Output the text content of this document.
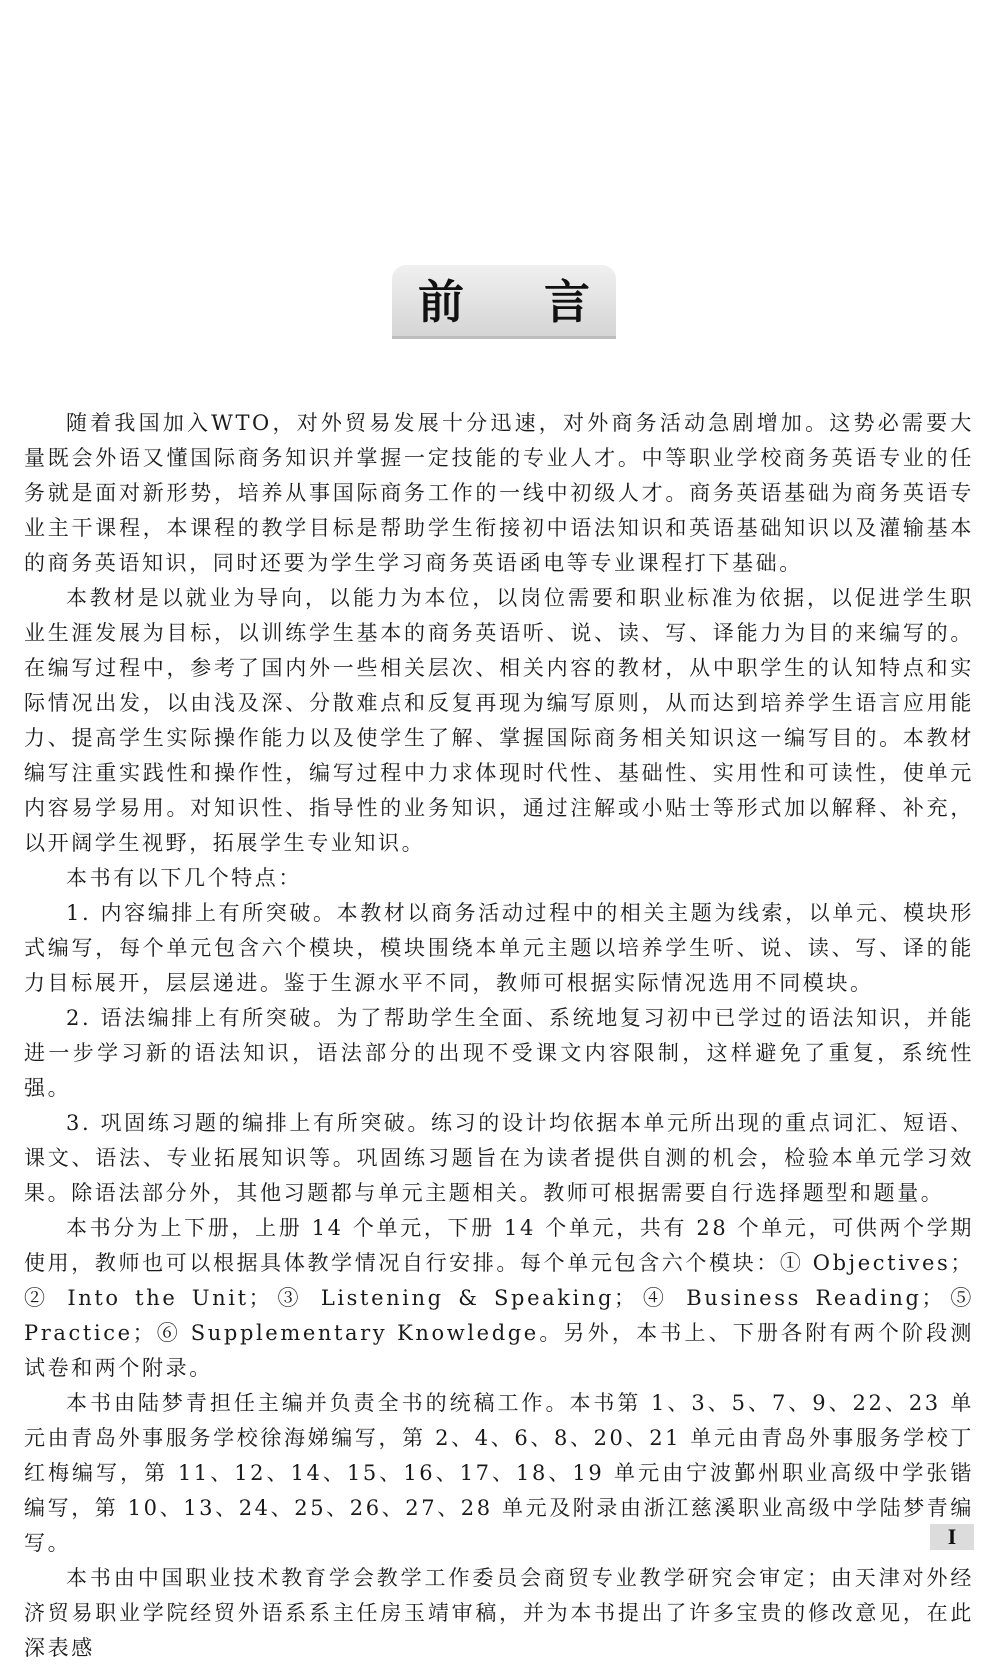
前 言

随着我国加入WTO，对外贸易发展十分迅速，对外商务活动急剧增加。这势必需要大量既会外语又懂国际商务知识并掌握一定技能的专业人才。中等职业学校商务英语专业的任务就是面对新形势，培养从事国际商务工作的一线中初级人才。商务英语基础为商务英语专业主干课程，本课程的教学目标是帮助学生衔接初中语法知识和英语基础知识以及灌输基本的商务英语知识，同时还要为学生学习商务英语函电等专业课程打下基础。

本教材是以就业为导向，以能力为本位，以岗位需要和职业标准为依据，以促进学生职业生涯发展为目标，以训练学生基本的商务英语听、说、读、写、译能力为目的来编写的。在编写过程中，参考了国内外一些相关层次、相关内容的教材，从中职学生的认知特点和实际情况出发，以由浅及深、分散难点和反复再现为编写原则，从而达到培养学生语言应用能力、提高学生实际操作能力以及使学生了解、掌握国际商务相关知识这一编写目的。本教材编写注重实践性和操作性，编写过程中力求体现时代性、基础性、实用性和可读性，使单元内容易学易用。对知识性、指导性的业务知识，通过注解或小贴士等形式加以解释、补充，以开阔学生视野，拓展学生专业知识。

本书有以下几个特点：

1. 内容编排上有所突破。本教材以商务活动过程中的相关主题为线索，以单元、模块形式编写，每个单元包含六个模块，模块围绕本单元主题以培养学生听、说、读、写、译的能力目标展开，层层递进。鉴于生源水平不同，教师可根据实际情况选用不同模块。

2. 语法编排上有所突破。为了帮助学生全面、系统地复习初中已学过的语法知识，并能进一步学习新的语法知识，语法部分的出现不受课文内容限制，这样避免了重复，系统性强。

3. 巩固练习题的编排上有所突破。练习的设计均依据本单元所出现的重点词汇、短语、课文、语法、专业拓展知识等。巩固练习题旨在为读者提供自测的机会，检验本单元学习效果。除语法部分外，其他习题都与单元主题相关。教师可根据需要自行选择题型和题量。

本书分为上下册，上册 14 个单元，下册 14 个单元，共有 28 个单元，可供两个学期使用，教师也可以根据具体教学情况自行安排。每个单元包含六个模块：① Objectives；② Into the Unit；③ Listening & Speaking；④ Business Reading；⑤ Practice；⑥ Supplementary Knowledge。另外，本书上、下册各附有两个阶段测试卷和两个附录。

本书由陆梦青担任主编并负责全书的统稿工作。本书第 1、3、5、7、9、22、23 单元由青岛外事服务学校徐海娣编写，第 2、4、6、8、20、21 单元由青岛外事服务学校丁红梅编写，第 11、12、14、15、16、17、18、19 单元由宁波鄞州职业高级中学张锴编写，第 10、13、24、25、26、27、28 单元及附录由浙江慈溪职业高级中学陆梦青编写。

本书由中国职业技术教育学会教学工作委员会商贸专业教学研究会审定；由天津对外经济贸易职业学院经贸外语系系主任房玉靖审稿，并为本书提出了许多宝贵的修改意见，在此深表感

I
